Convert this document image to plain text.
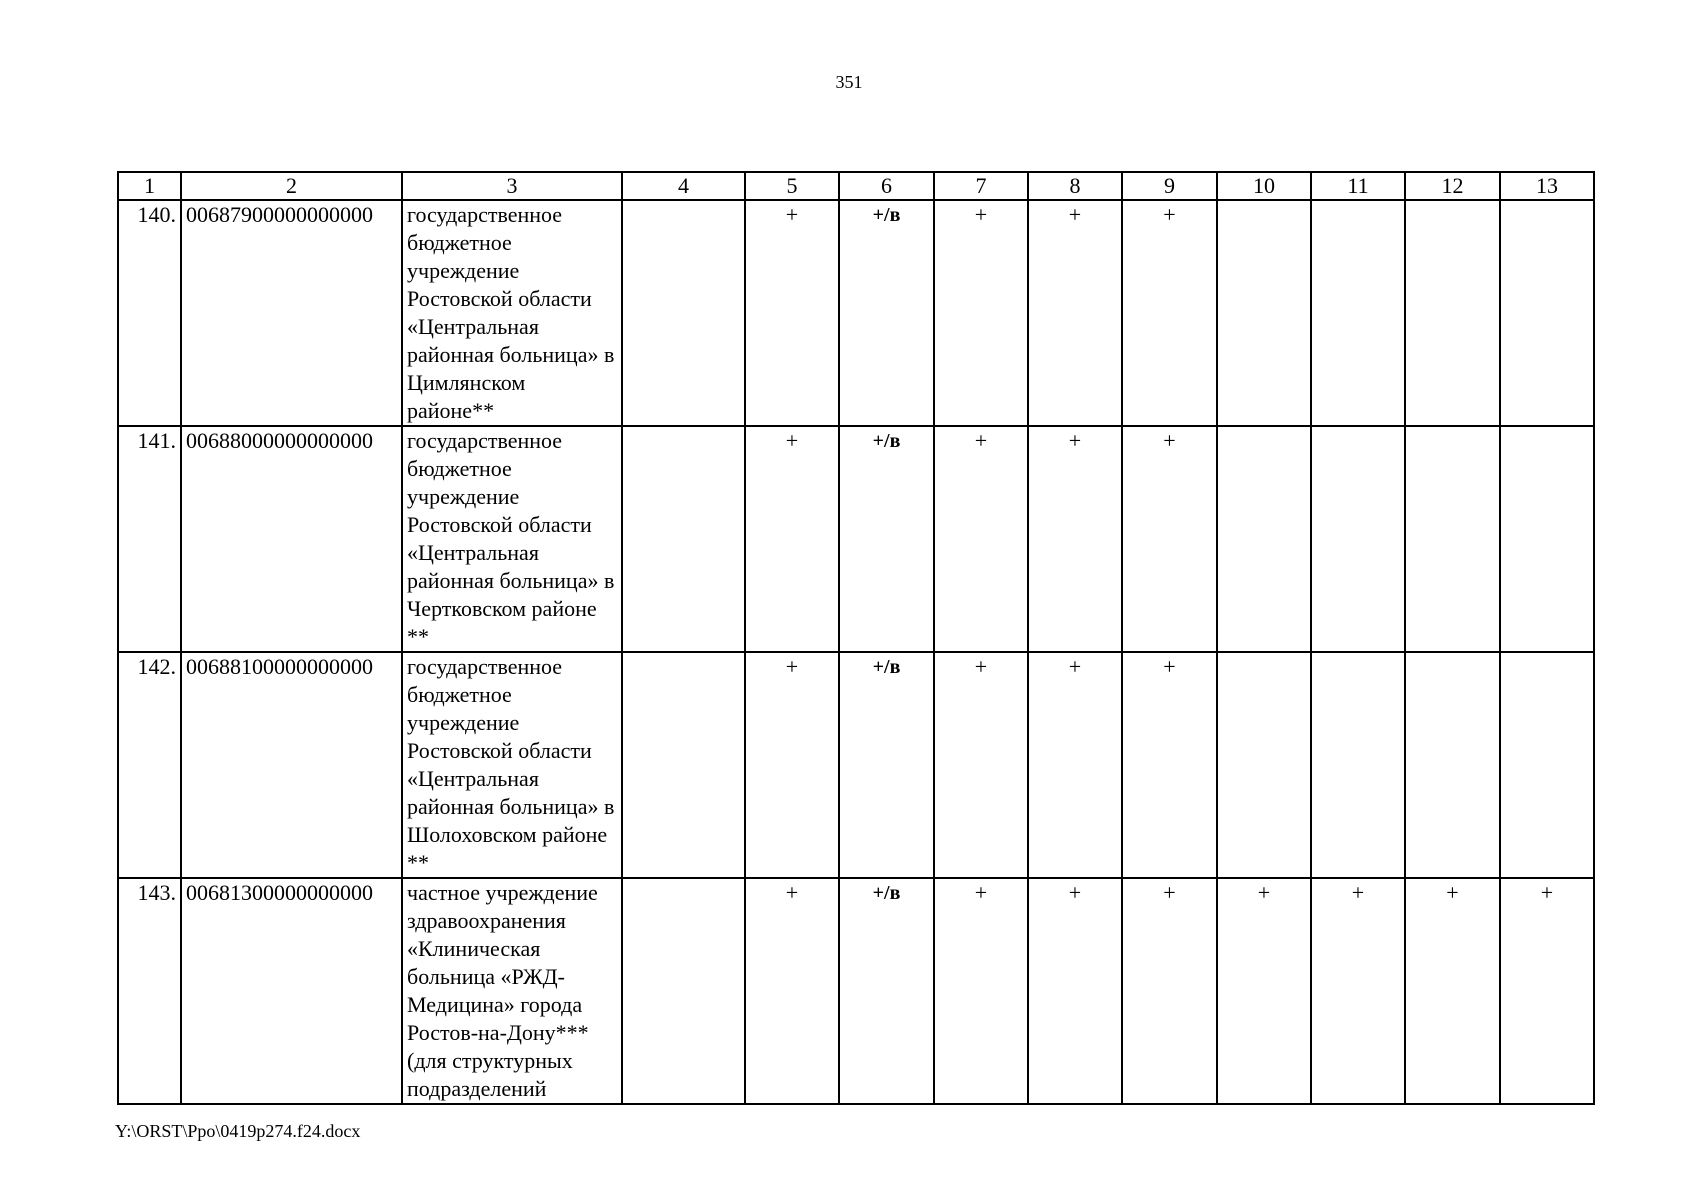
351
1	2	3	4	5	6	7	8	9	10	11	12	13
140.	00687900000000000	государственное бюджетное учреждение Ростовской области «Центральная районная больница» в Цимлянском районе**		+	+/в	+	+	+				
141.	00688000000000000	государственное бюджетное учреждение Ростовской области «Центральная районная больница» в Чертковском районе **		+	+/в	+	+	+				
142.	00688100000000000	государственное бюджетное учреждение Ростовской области «Центральная районная больница» в Шолоховском районе **		+	+/в	+	+	+				
143.	00681300000000000	частное учреждение здравоохранения «Клиническая больница «РЖД-Медицина» города Ростов-на-Дону*** (для структурных подразделений		+	+/в	+	+	+	+	+	+	+
Y:\ORST\Ppo\0419p274.f24.docx
